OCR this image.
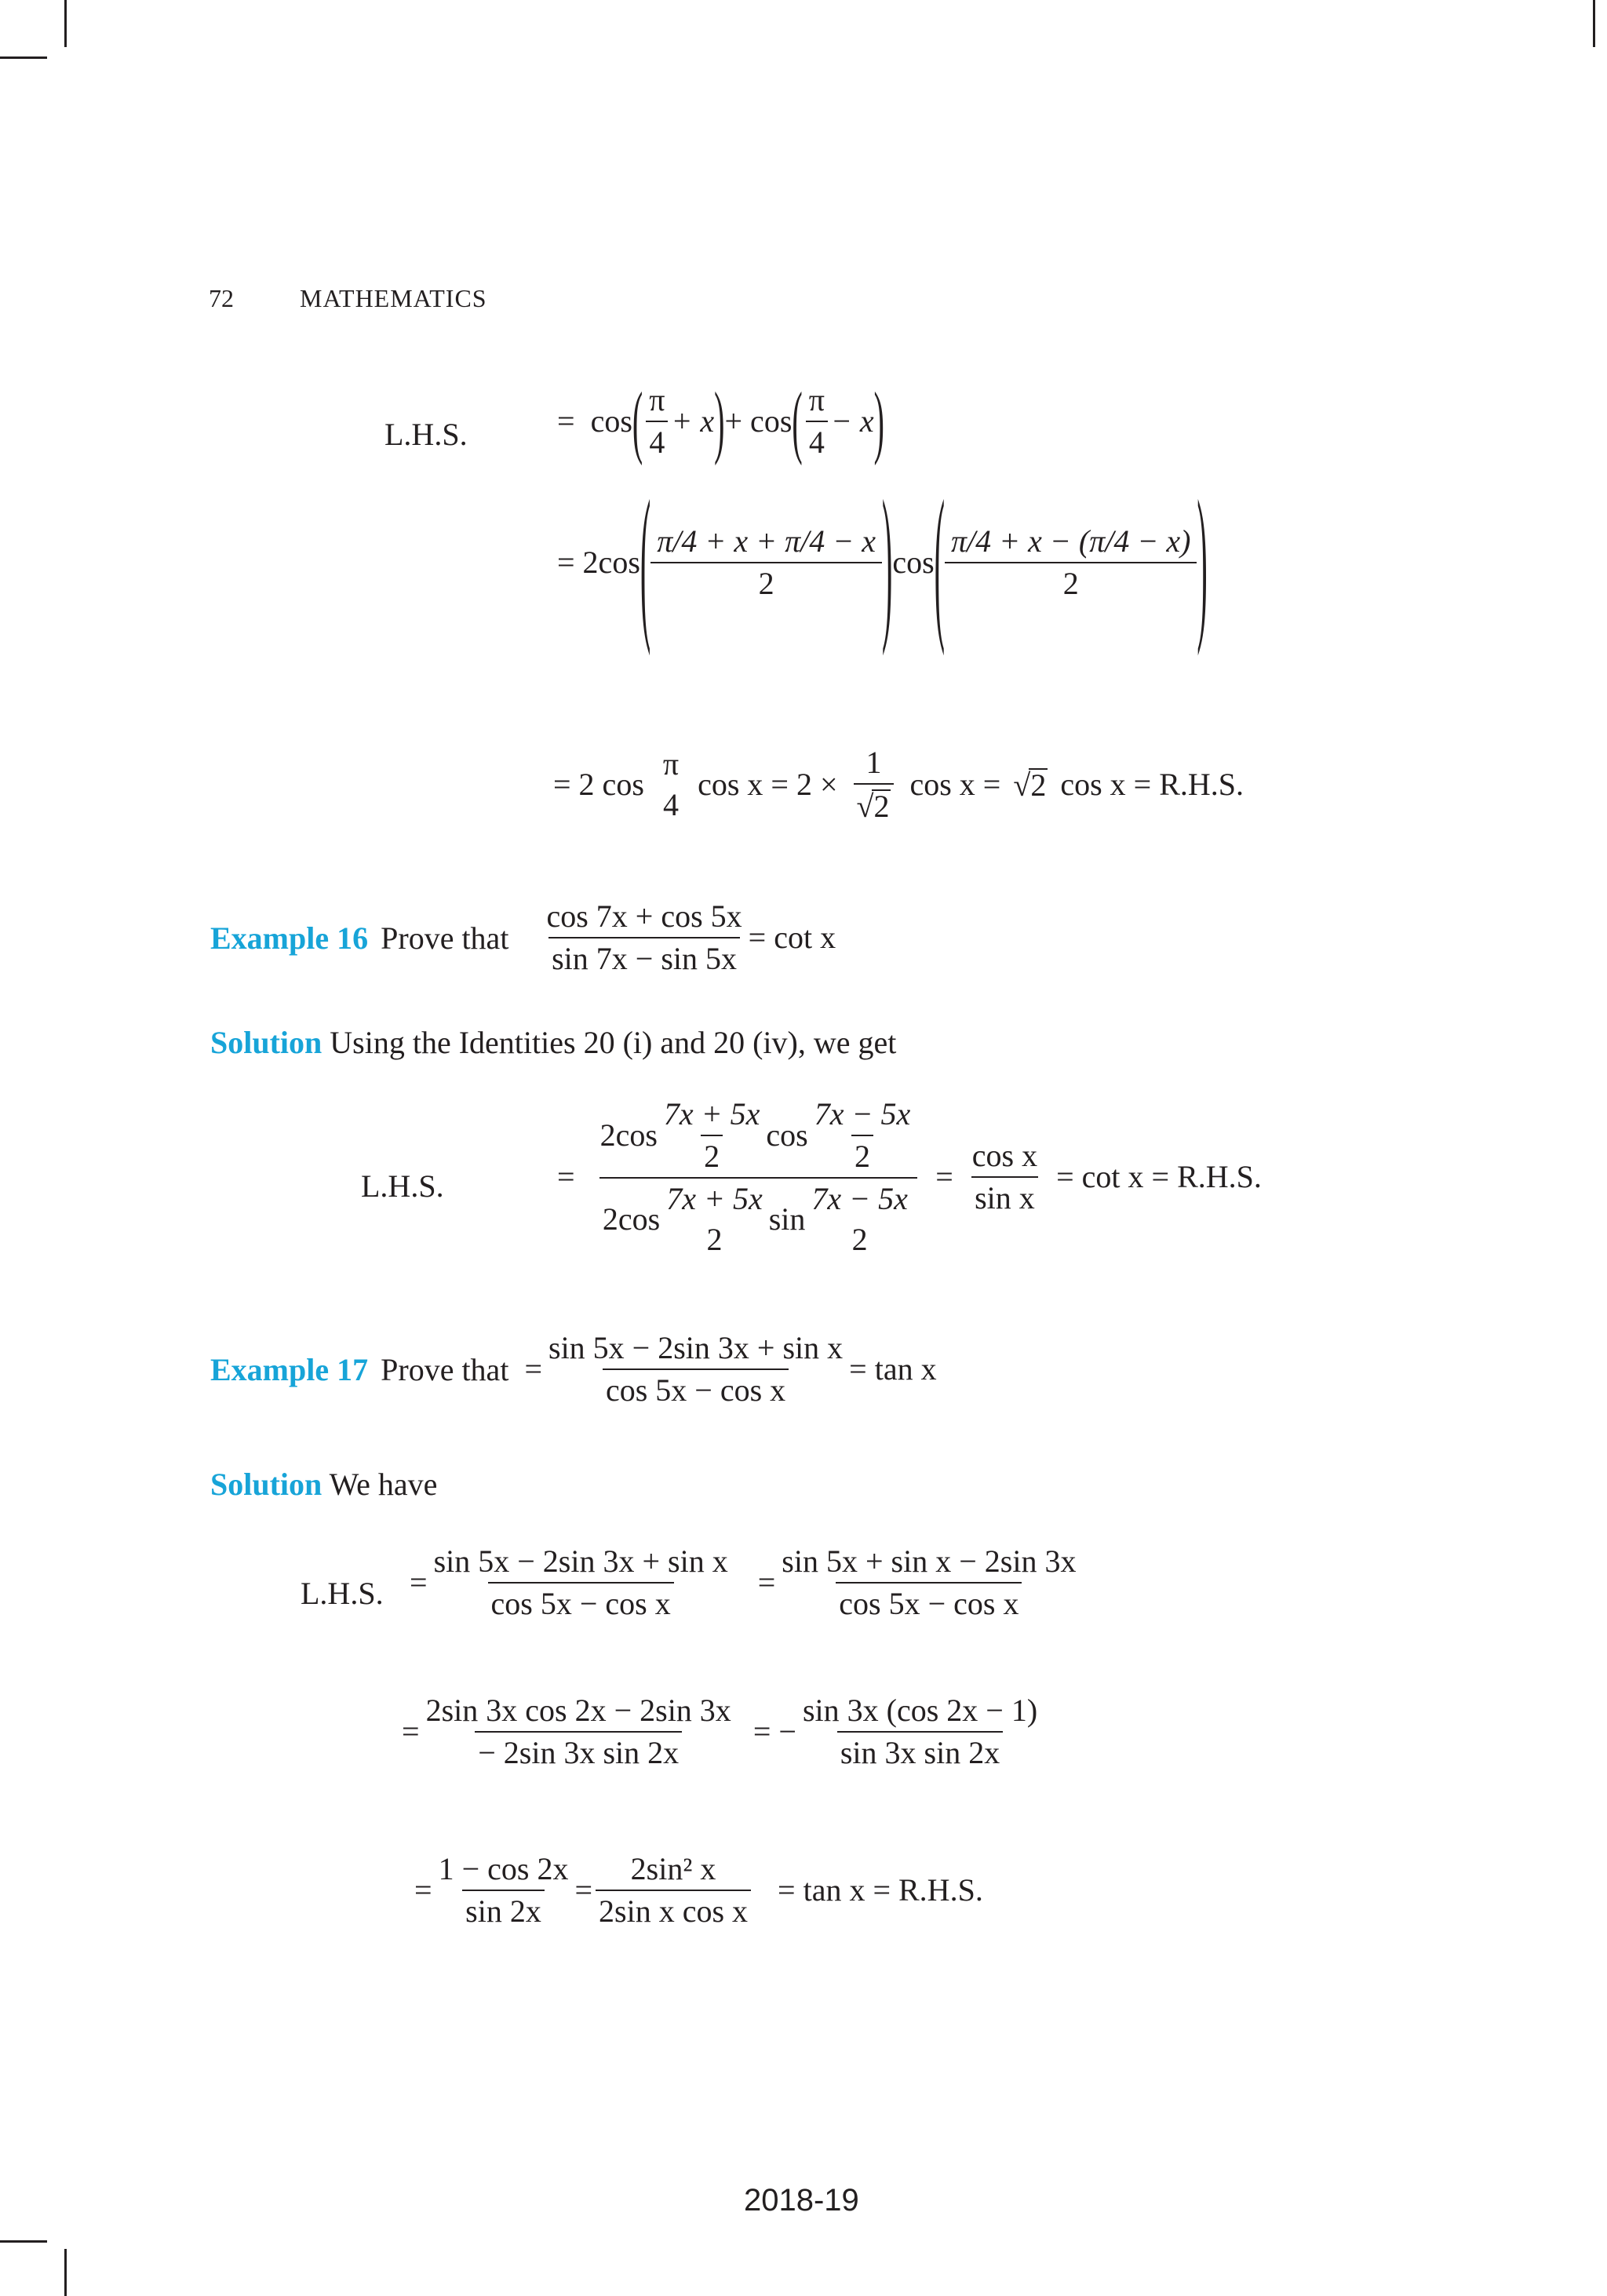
72	MATHEMATICS
L.H.S.	= cos ( $\frac{\pi}{4} + x$ ) + cos ( $\frac{\pi}{4} - x$ )
= 2cos ( $\frac{\pi/4 + x + \pi/4 - x}{2}$ ) cos ( $\frac{\pi/4 + x - (\pi/4 - x)}{2}$ )
= 2 cos
π
4
$\cos x = 2 \times \frac{1}{√2}$ cos x = √2 cos x = R.H.S.
Example 16 Prove that $\frac{\cos 7x + \cos 5x}{\sin 7x - \sin 5x} = \cot x$
Solution Using the Identities 20 (i) and 20 (iv), we get
L.H.S.	= $2\cos \frac{7x + 5x}{2}$ $\cos \frac{7x - 5x}{2}$
2cos
7x + 5x
2
sin
7x − 5x
$2 = \frac{\text{cos x}}{\text{sin x}} = \cot x = R.H.S$.
Example 17 Prove that = $\frac{\text{sin 5x − 2sin 3x + sin x}}{\text{cos 5x − cos x}} = \tan x$
Solution We have
L.H.S. = $\frac{\text{sin 5x − 2sin 3x + sin x}}{\text{cos 5x − cos x}} = \frac{\text{sin 5x + sin x − 2sin 3x}}{\text{cos 5x − cos x}}$
= $\frac{\text{2sin 3x cos 2x − 2sin 3x}}{\text{− 2sin 3x sin 2x}}$ = − $\frac{\sin 3x (\cos 2x - 1)}{\text{sin 3x sin 2x}}$
= $\frac{1 - \cos 2x}{\sin 2x} = \frac{\text{2sin² x}}{\text{2sin x cos x}} = \tan x = R.H.S$.
2018-19
